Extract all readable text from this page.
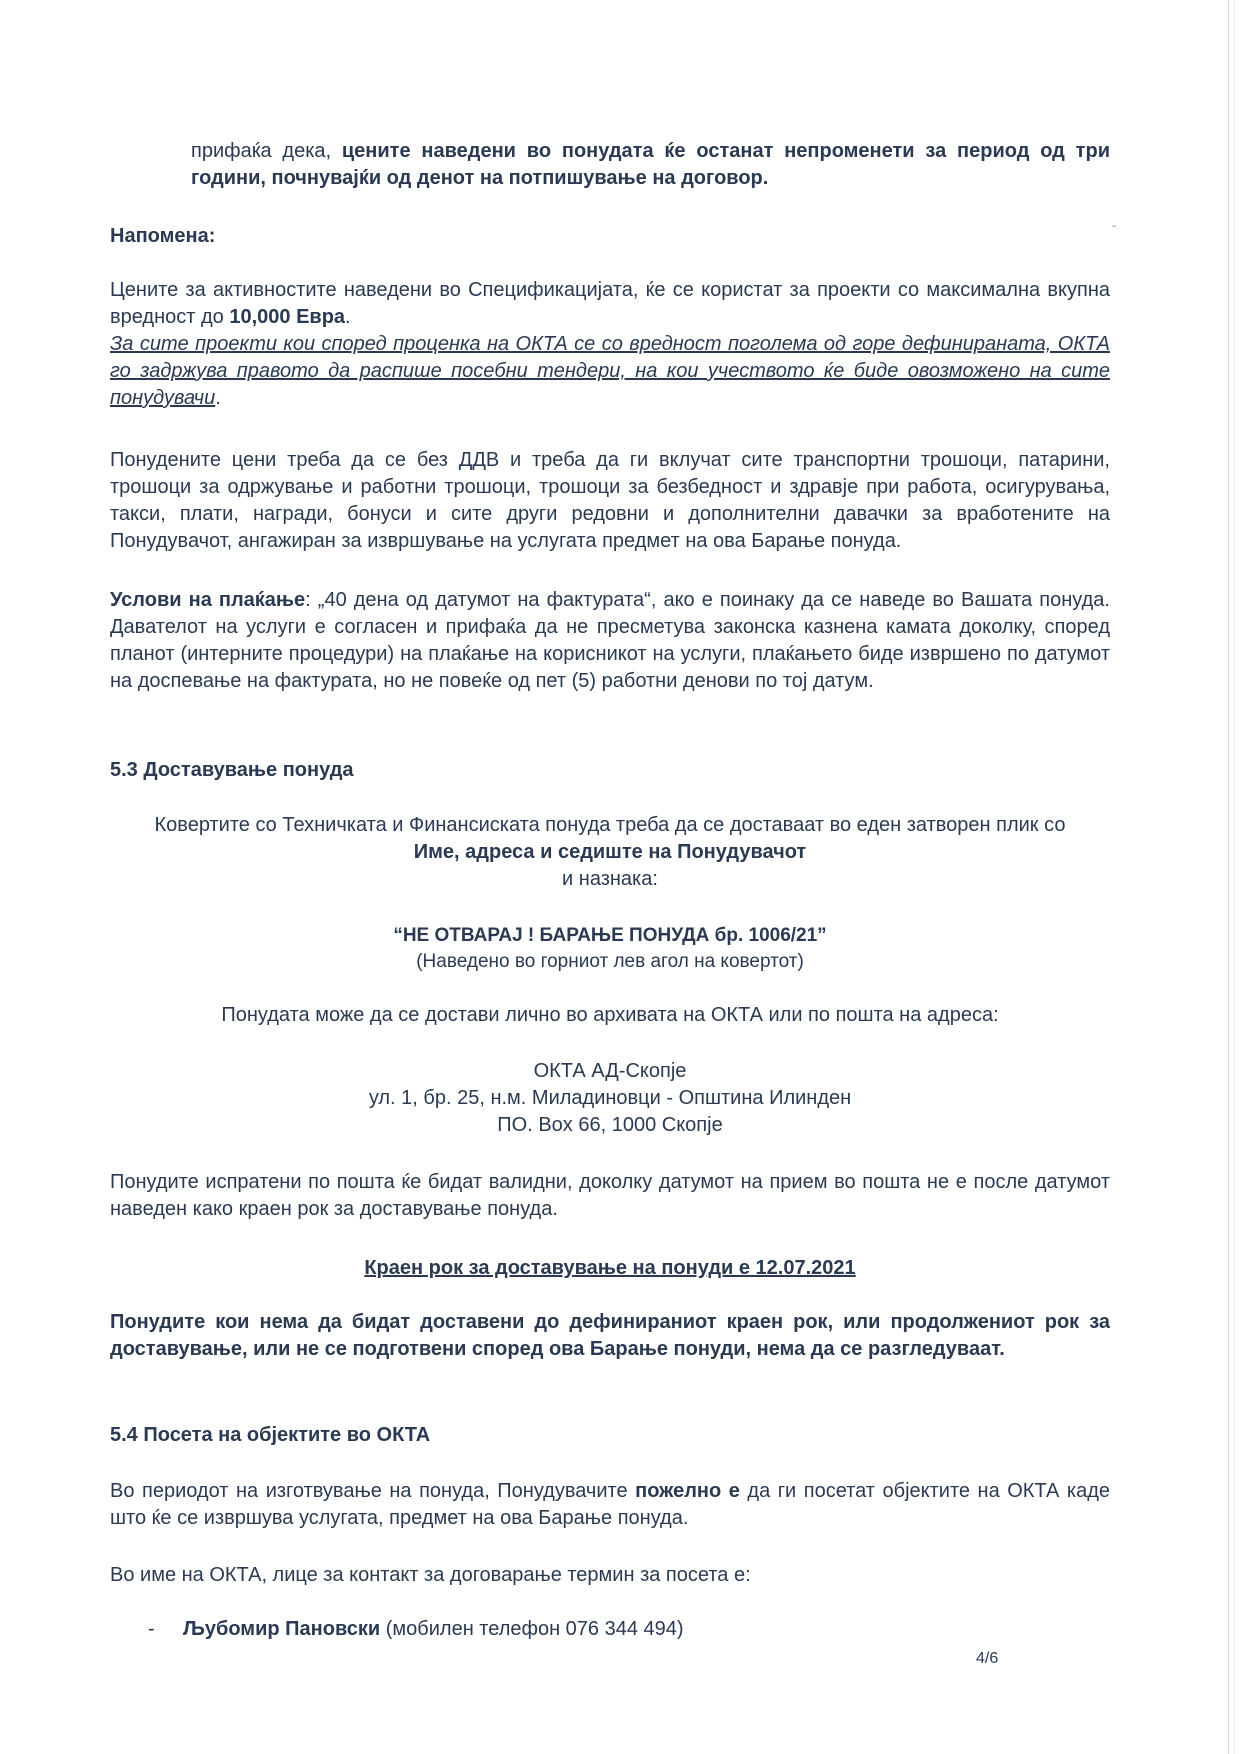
ˉ
прифаќа дека, цените наведени во понудата ќе останат непроменети за период од три години, почнувајќи од денот на потпишување на договор.
Напомена:
Цените за активностите наведени во Спецификацијата, ќе се користат за проекти со максимална вкупна вредност до 10,000 Евра.
За сите проекти кои според проценка на ОКТА се со вредност поголема од горе дефинираната, ОКТА го задржува правото да распише посебни тендери, на кои учеството ќе биде овозможено на сите понудувачи.
Понудените цени треба да се без ДДВ и треба да ги вклучат сите транспортни трошоци, патарини, трошоци за одржување и работни трошоци, трошоци за безбедност и здравје при работа, осигурувања, такси, плати, награди, бонуси и сите други редовни и дополнителни давачки за вработените на Понудувачот, ангажиран за извршување на услугата предмет на ова Барање понуда.
Услови на плаќање: „40 дена од датумот на фактурата“, ако е поинаку да се наведе во Вашата понуда. Давателот на услуги е согласен и прифаќа да не пресметува законска казнена камата доколку, според планот (интерните процедури) на плаќање на корисникот на услуги, плаќањето биде извршено по датумот на доспевање на фактурата, но не повеќе од пет (5) работни денови по тој датум.
5.3 Доставување понуда
Ковертите со Техничката и Финансиската понуда треба да се доставаат во еден затворен плик со
Име, адреса и седиште на Понудувачот
и назнака:
“НЕ ОТВАРАЈ ! БАРАЊЕ ПОНУДА бр. 1006/21”
(Наведено во горниот лев агол на ковертот)
Понудата може да се достави лично во архивата на ОКТА или по пошта на адреса:
ОКТА АД-Скопје
ул. 1, бр. 25, н.м. Миладиновци - Општина Илинден
ПО. Box 66, 1000 Скопје
Понудите испратени по пошта ќе бидат валидни, доколку датумот на прием во пошта не е после датумот наведен како краен рок за доставување понуда.
Краен рок за доставување на понуди е 12.07.2021
Понудите кои нема да бидат доставени до дефинираниот краен рок, или продолжениот рок за доставување, или не се подготвени според ова Барање понуди, нема да се разгледуваат.
5.4 Посета на објектите во ОКТА
Во периодот на изготвување на понуда, Понудувачите пожелно е да ги посетат објектите на ОКТА каде што ќе се извршува услугата, предмет на ова Барање понуда.
Во име на ОКТА, лице за контакт за договарање термин за посета е:
- Љубомир Пановски (мобилен телефон 076 344 494)
4/6
